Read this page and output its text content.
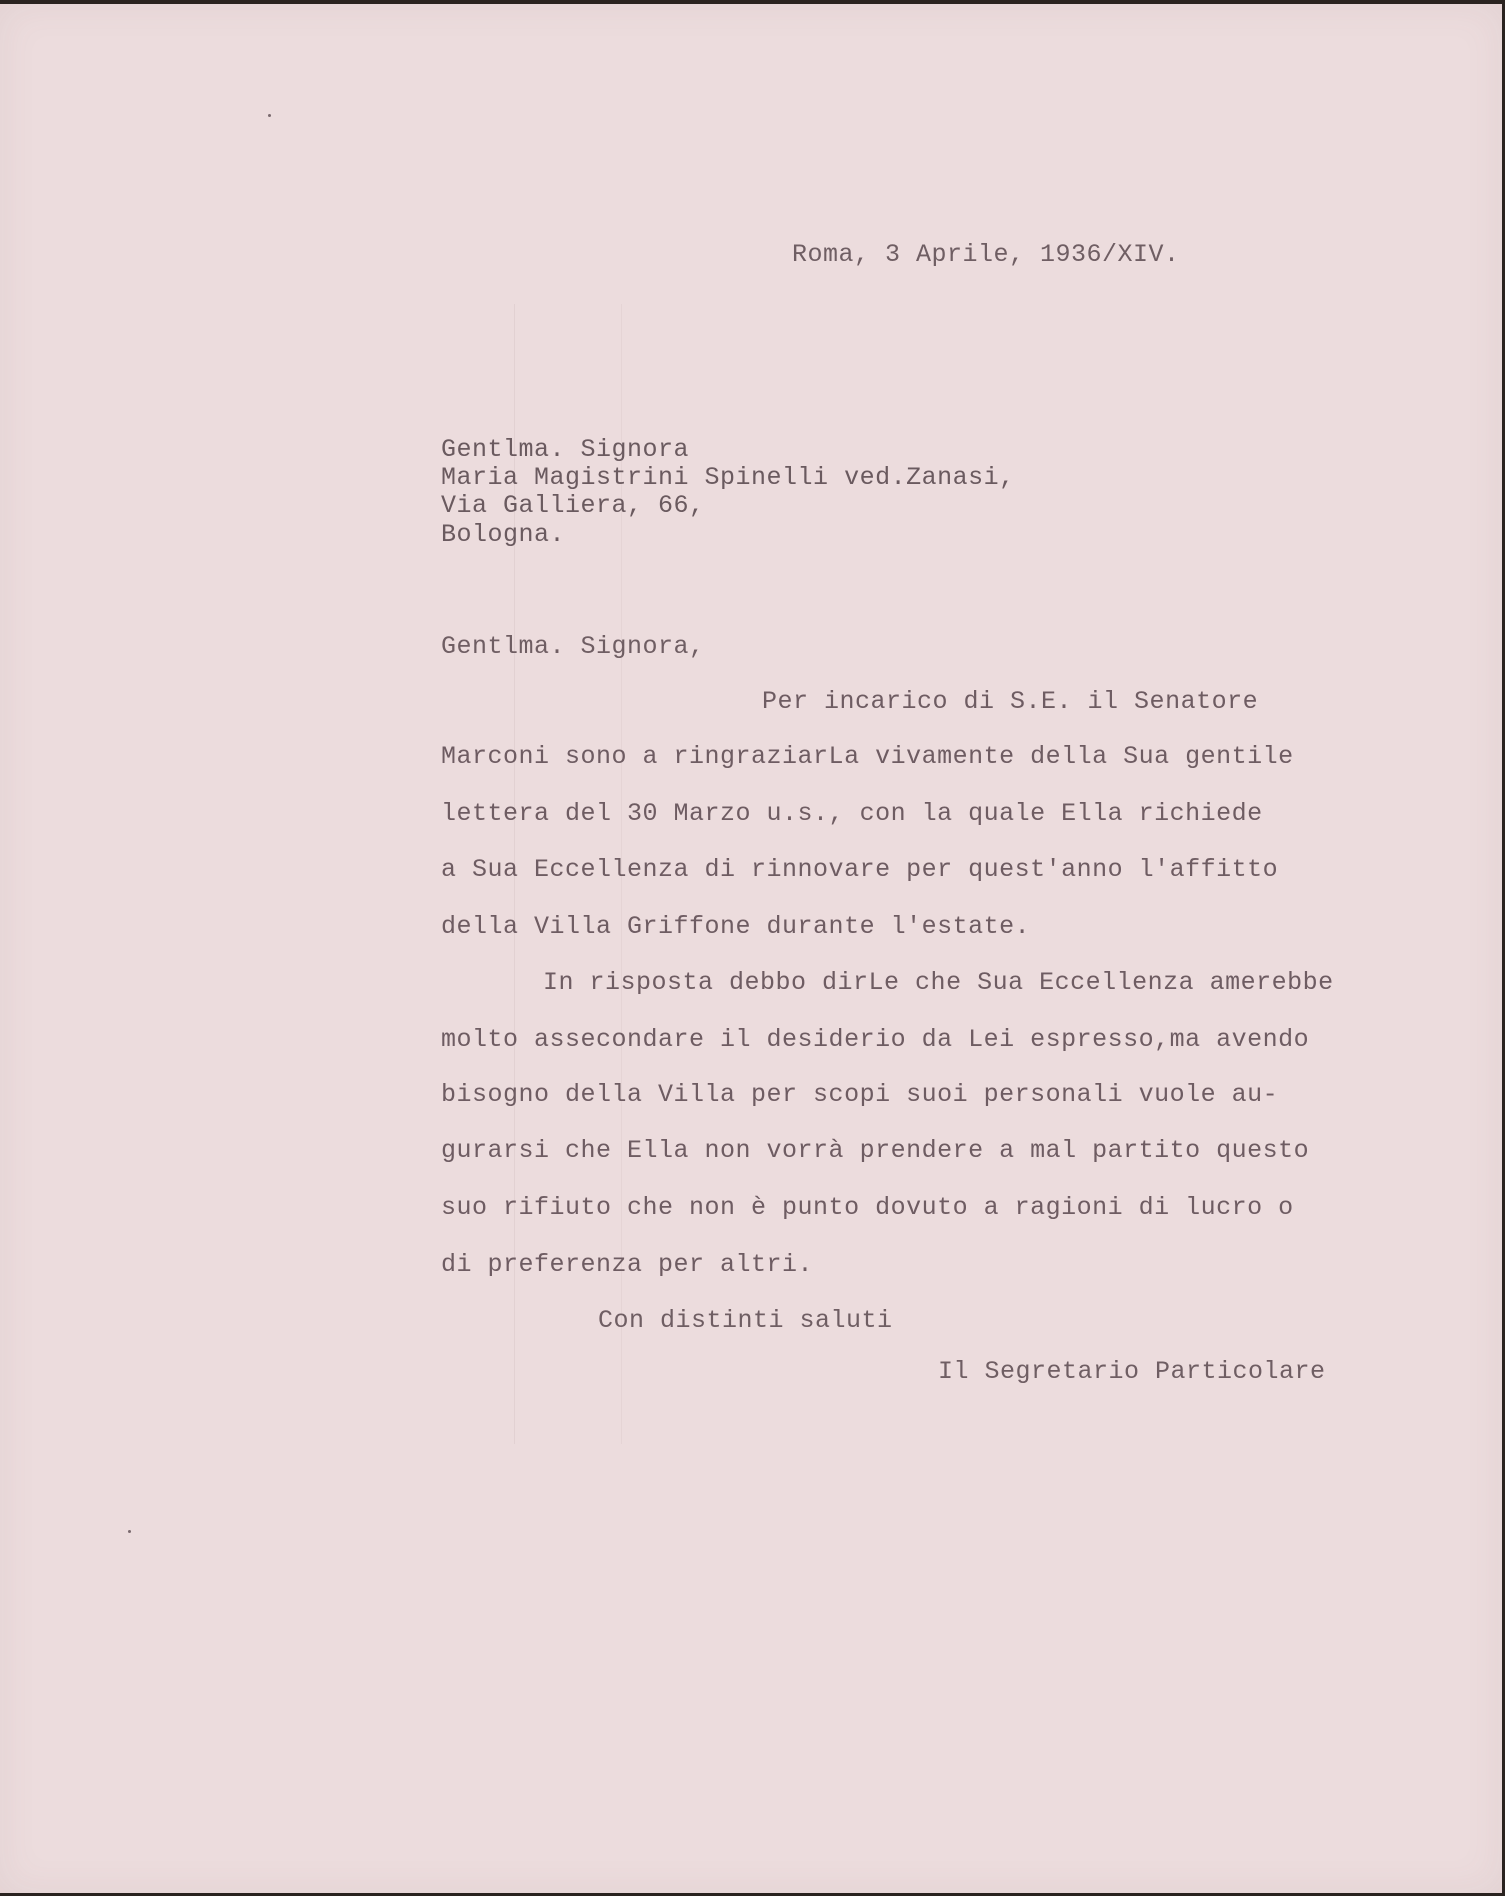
Roma, 3 Aprile, 1936/XIV.
Gentlma. Signora
Maria Magistrini Spinelli ved.Zanasi,
Via Galliera, 66,
Bologna.
Gentlma. Signora,
Per incarico di S.E. il Senatore
Marconi sono a ringraziarLa vivamente della Sua gentile
lettera del 30 Marzo u.s., con la quale Ella richiede
a Sua Eccellenza di rinnovare per quest'anno l'affitto
della Villa Griffone durante l'estate.
In risposta debbo dirLe che Sua Eccellenza amerebbe
molto assecondare il desiderio da Lei espresso,ma avendo
bisogno della Villa per scopi suoi personali vuole au-
gurarsi che Ella non vorrà prendere a mal partito questo
suo rifiuto che non è punto dovuto a ragioni di lucro o
di preferenza per altri.
Con distinti saluti
Il Segretario Particolare
